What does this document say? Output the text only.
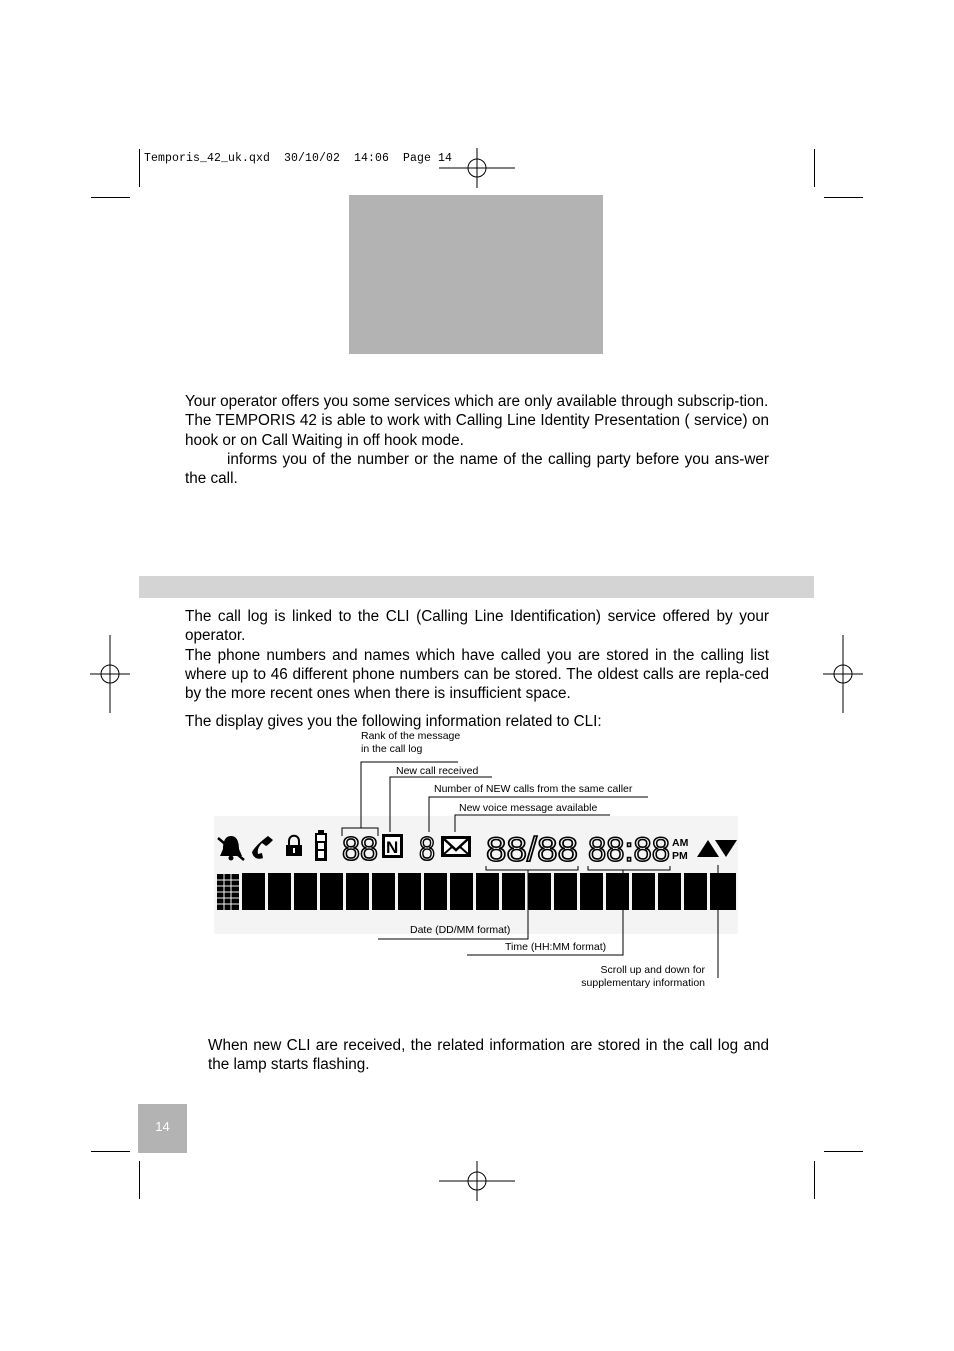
Temporis_42_uk.qxd  30/10/02  14:06  Page 14

Your operator offers you some services which are only available through subscrip-tion.

The TEMPORIS 42 is able to work with Calling Line Identity Presentation ( service) on hook or on Call Waiting in off hook mode.

informs you of the number or the name of the calling party before you ans-wer the call.

The call log is linked to the CLI (Calling Line Identification) service offered by your operator.

The phone numbers and names which have called you are stored in the calling list where up to 46 different phone numbers can be stored. The oldest calls are repla-ced by the more recent ones when there is insufficient space.

The display gives you the following information related to CLI:

88 N 8 88/88 88:88 AM
PM
Rank of the message
in the call log
New call received
Number of NEW calls from the same caller
New voice message available
Date (DD/MM format)
Time (HH:MM format)
Scroll up and down for
supplementary information

When new CLI are received, the related information are stored in the call log and the lamp starts flashing.

14
